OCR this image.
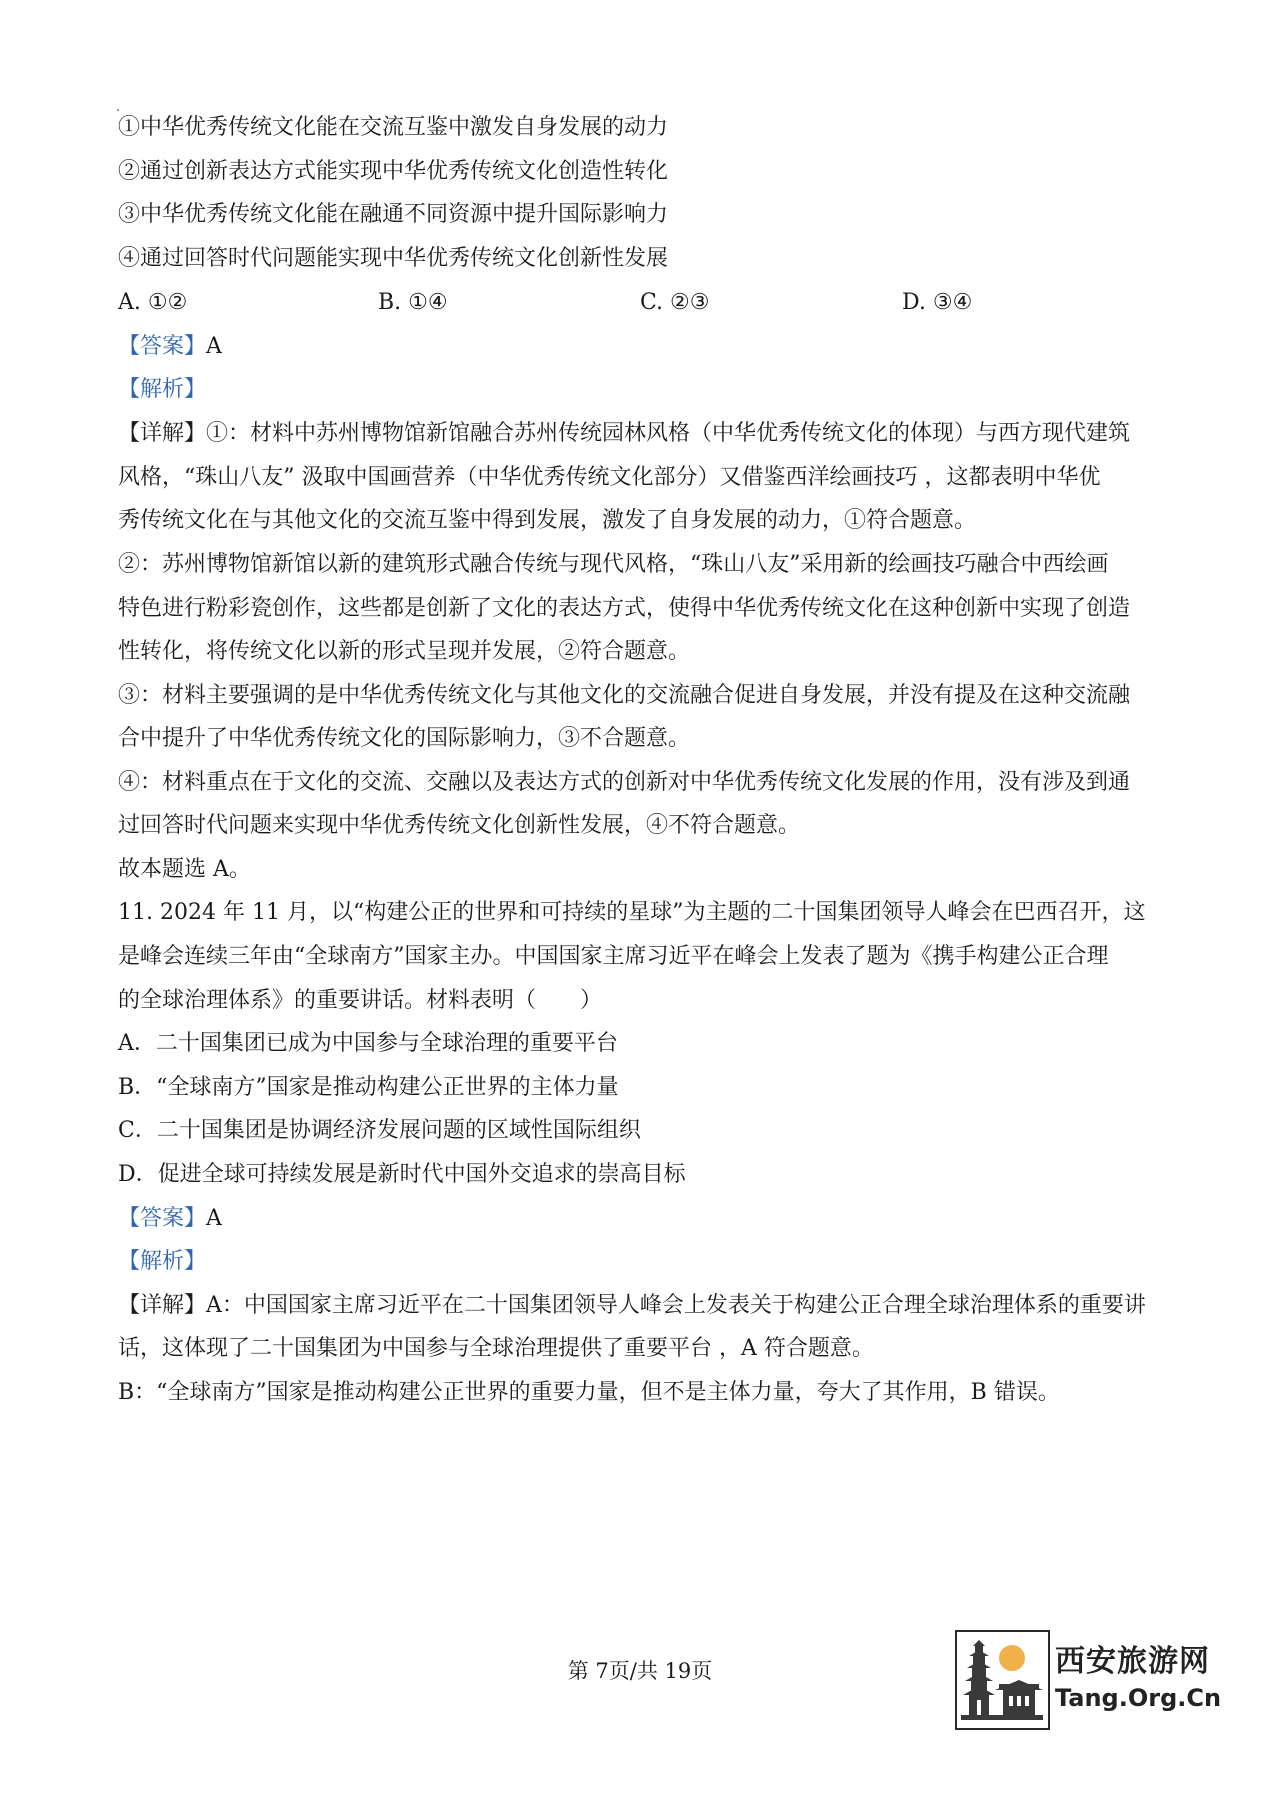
①中华优秀传统文化能在交流互鉴中激发自身发展的动力
②通过创新表达方式能实现中华优秀传统文化创造性转化
③中华优秀传统文化能在融通不同资源中提升国际影响力
④通过回答时代问题能实现中华优秀传统文化创新性发展
A. ①②	B. ①④	C. ②③	D. ③④
【答案】A
【解析】
【详解】①：材料中苏州博物馆新馆融合苏州传统园林风格（中华优秀传统文化的体现）与西方现代建筑
风格，“珠山八友” 汲取中国画营养（中华优秀传统文化部分）又借鉴西洋绘画技巧 ，这都表明中华优
秀传统文化在与其他文化的交流互鉴中得到发展，激发了自身发展的动力，①符合题意。
②：苏州博物馆新馆以新的建筑形式融合传统与现代风格，“珠山八友”采用新的绘画技巧融合中西绘画
特色进行粉彩瓷创作，这些都是创新了文化的表达方式，使得中华优秀传统文化在这种创新中实现了创造
性转化，将传统文化以新的形式呈现并发展，②符合题意。
③：材料主要强调的是中华优秀传统文化与其他文化的交流融合促进自身发展，并没有提及在这种交流融
合中提升了中华优秀传统文化的国际影响力，③不合题意。
④：材料重点在于文化的交流、交融以及表达方式的创新对中华优秀传统文化发展的作用，没有涉及到通
过回答时代问题来实现中华优秀传统文化创新性发展，④不符合题意。
故本题选 A。
11. 2024 年 11 月，以“构建公正的世界和可持续的星球”为主题的二十国集团领导人峰会在巴西召开，这
是峰会连续三年由“全球南方”国家主办。中国国家主席习近平在峰会上发表了题为《携手构建公正合理
的全球治理体系》的重要讲话。材料表明（　　）
A．二十国集团已成为中国参与全球治理的重要平台
B．“全球南方”国家是推动构建公正世界的主体力量
C．二十国集团是协调经济发展问题的区域性国际组织
D．促进全球可持续发展是新时代中国外交追求的崇高目标
【答案】A
【解析】
【详解】A：中国国家主席习近平在二十国集团领导人峰会上发表关于构建公正合理全球治理体系的重要讲
话，这体现了二十国集团为中国参与全球治理提供了重要平台 ，A 符合题意。
B：“全球南方”国家是推动构建公正世界的重要力量，但不是主体力量，夸大了其作用，B 错误。
第 7页/共 19页	西安旅游网
Tang.Org.Cn
